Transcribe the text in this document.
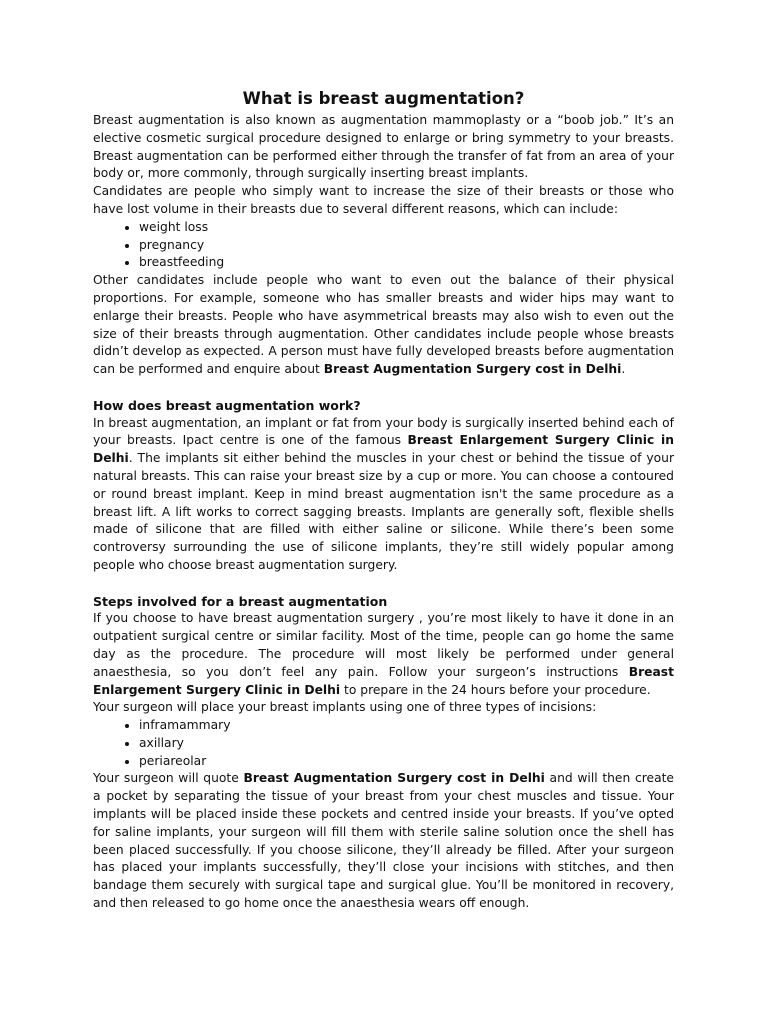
What is breast augmentation?

Breast augmentation is also known as augmentation mammoplasty or a “boob job.” It’s an elective cosmetic surgical procedure designed to enlarge or bring symmetry to your breasts. Breast augmentation can be performed either through the transfer of fat from an area of your body or, more commonly, through surgically inserting breast implants.

Candidates are people who simply want to increase the size of their breasts or those who have lost volume in their breasts due to several different reasons, which can include:

• weight loss
• pregnancy
• breastfeeding

Other candidates include people who want to even out the balance of their physical proportions. For example, someone who has smaller breasts and wider hips may want to enlarge their breasts. People who have asymmetrical breasts may also wish to even out the size of their breasts through augmentation. Other candidates include people whose breasts didn’t develop as expected. A person must have fully developed breasts before augmentation can be performed and enquire about Breast Augmentation Surgery cost in Delhi.

How does breast augmentation work?

In breast augmentation, an implant or fat from your body is surgically inserted behind each of your breasts. Ipact centre is one of the famous Breast Enlargement Surgery Clinic in Delhi. The implants sit either behind the muscles in your chest or behind the tissue of your natural breasts. This can raise your breast size by a cup or more. You can choose a contoured or round breast implant. Keep in mind breast augmentation isn't the same procedure as a breast lift. A lift works to correct sagging breasts. Implants are generally soft, flexible shells made of silicone that are filled with either saline or silicone. While there’s been some controversy surrounding the use of silicone implants, they’re still widely popular among people who choose breast augmentation surgery.

Steps involved for a breast augmentation

If you choose to have breast augmentation surgery , you’re most likely to have it done in an outpatient surgical centre or similar facility. Most of the time, people can go home the same day as the procedure. The procedure will most likely be performed under general anaesthesia, so you don’t feel any pain. Follow your surgeon’s instructions Breast Enlargement Surgery Clinic in Delhi to prepare in the 24 hours before your procedure.

Your surgeon will place your breast implants using one of three types of incisions:

• inframammary
• axillary
• periareolar

Your surgeon will quote Breast Augmentation Surgery cost in Delhi and will then create a pocket by separating the tissue of your breast from your chest muscles and tissue. Your implants will be placed inside these pockets and centred inside your breasts. If you’ve opted for saline implants, your surgeon will fill them with sterile saline solution once the shell has been placed successfully. If you choose silicone, they’ll already be filled. After your surgeon has placed your implants successfully, they’ll close your incisions with stitches, and then bandage them securely with surgical tape and surgical glue. You’ll be monitored in recovery, and then released to go home once the anaesthesia wears off enough.
